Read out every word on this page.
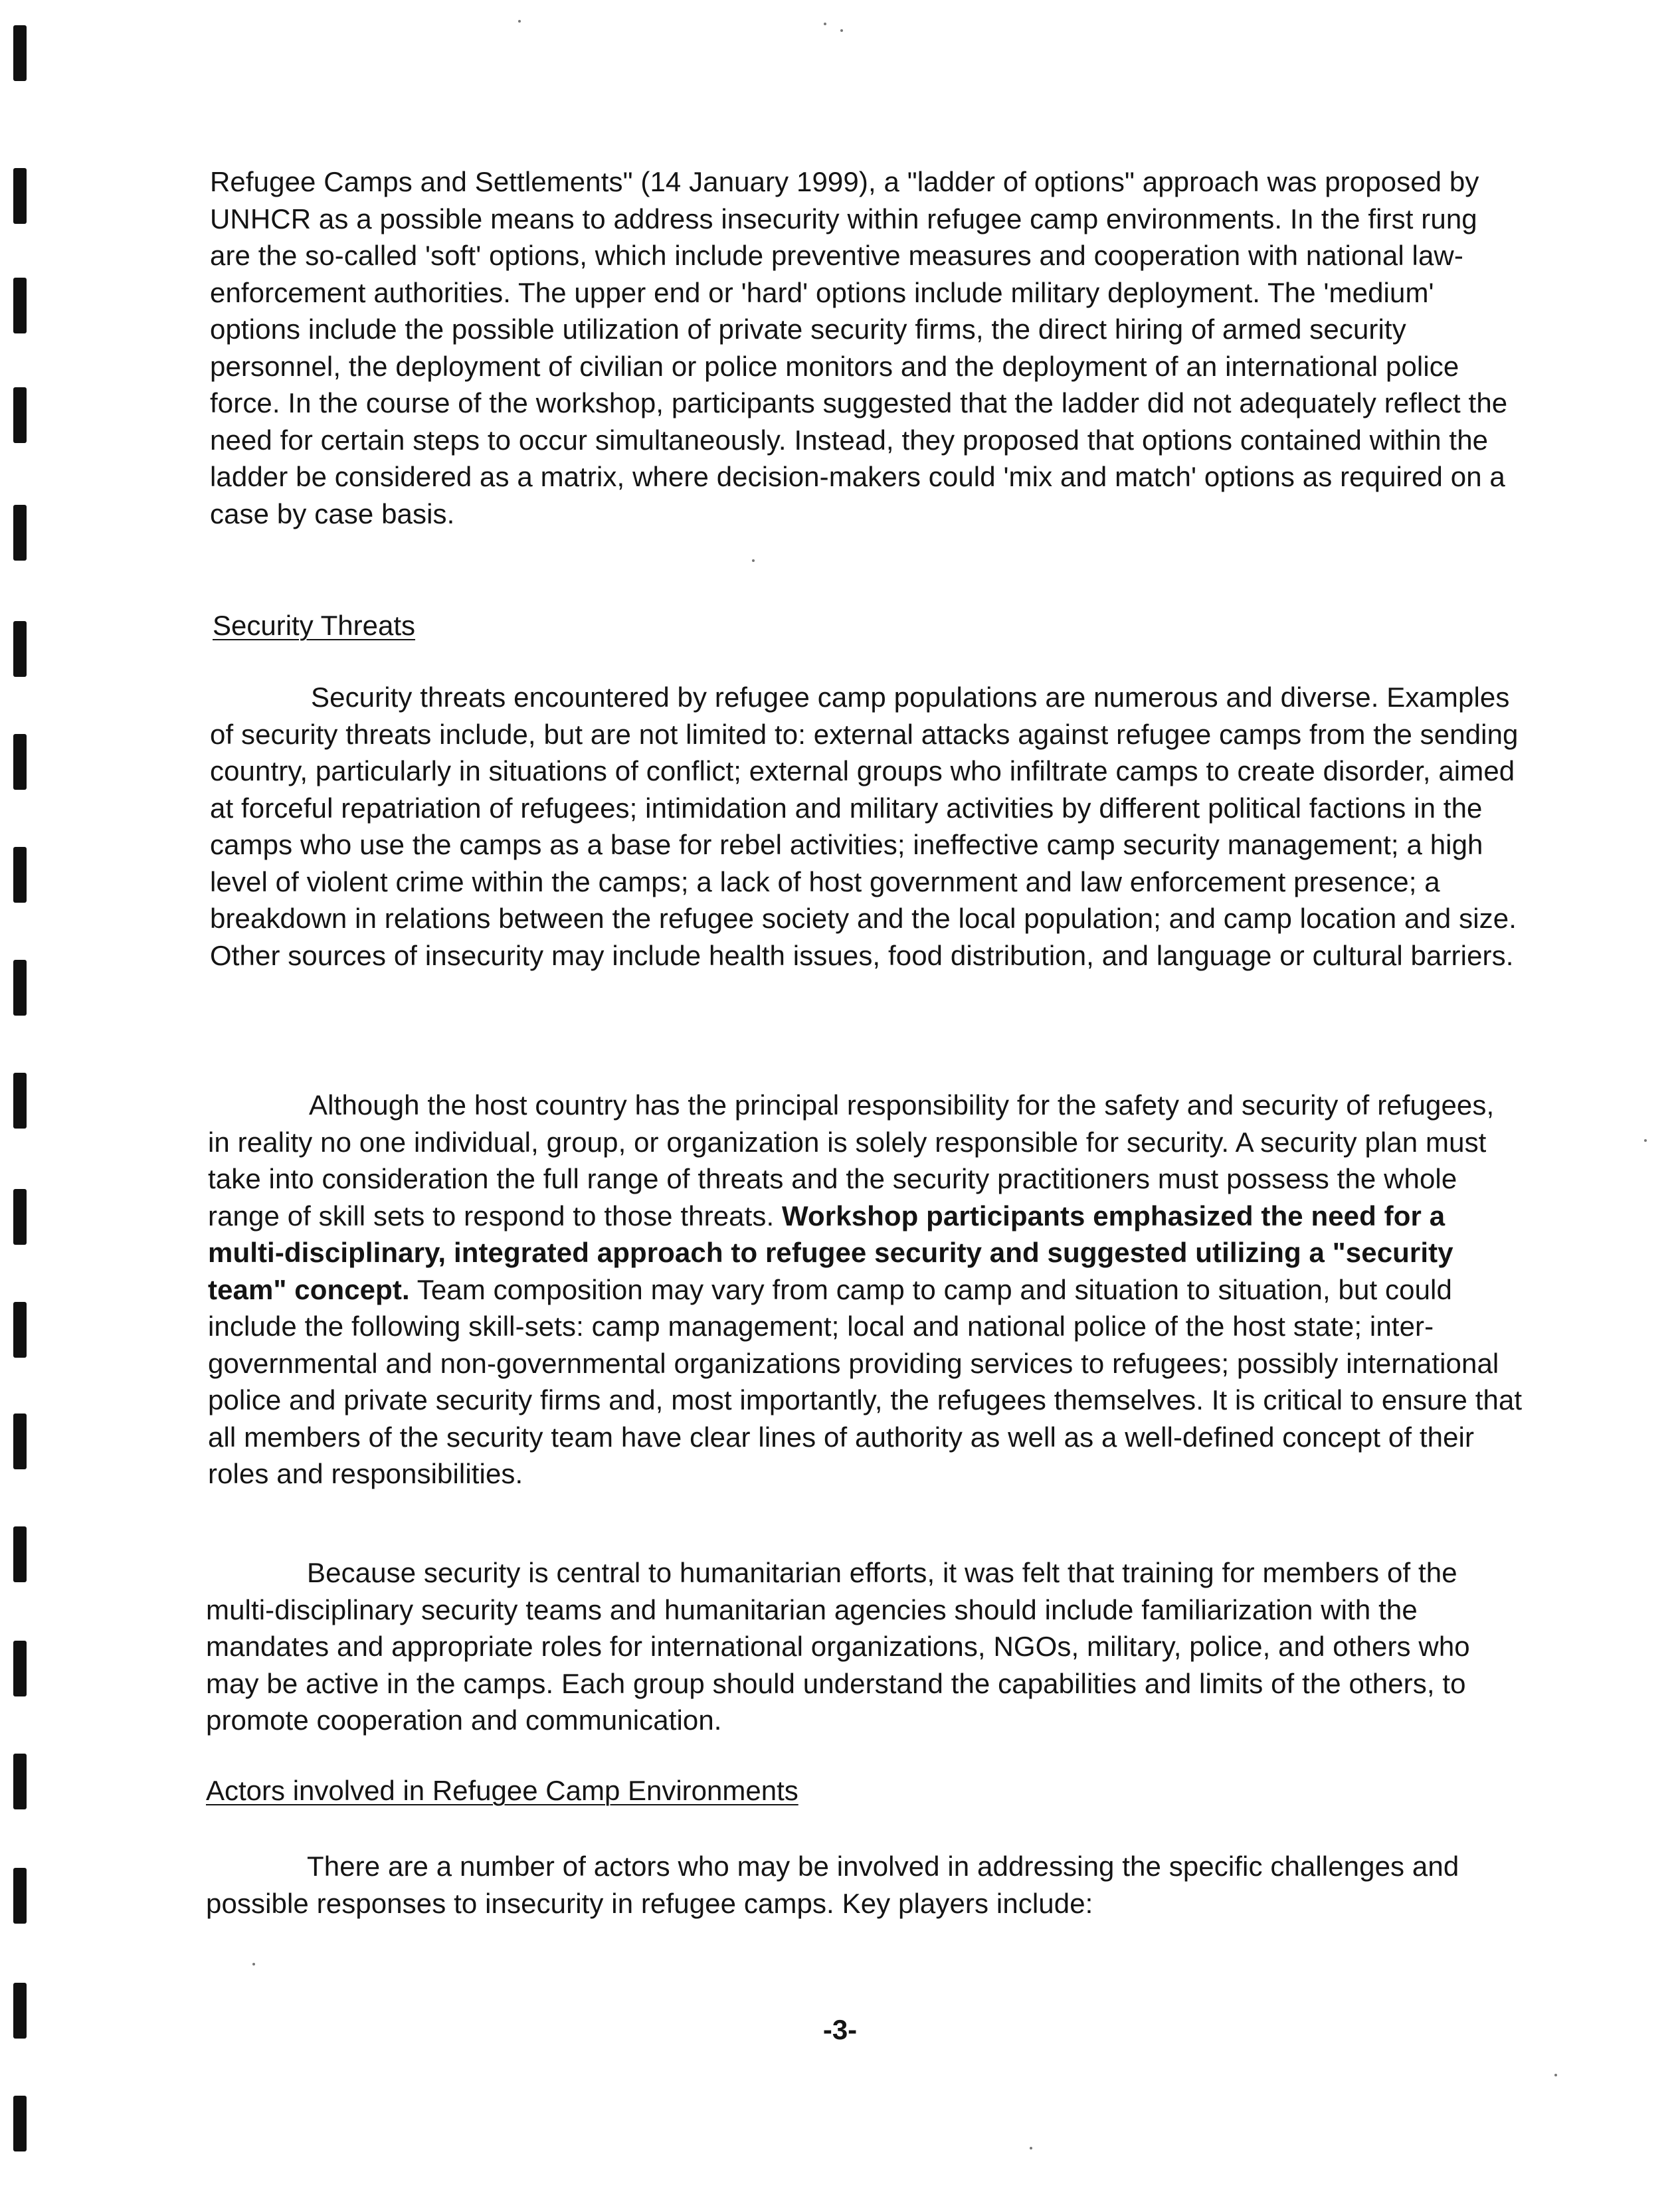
Refugee Camps and Settlements" (14 January 1999), a "ladder of options" approach was proposed by UNHCR as a possible means to address insecurity within refugee camp environments. In the first rung are the so-called 'soft' options, which include preventive measures and cooperation with national law-enforcement authorities. The upper end or 'hard' options include military deployment. The 'medium' options include the possible utilization of private security firms, the direct hiring of armed security personnel, the deployment of civilian or police monitors and the deployment of an international police force. In the course of the workshop, participants suggested that the ladder did not adequately reflect the need for certain steps to occur simultaneously. Instead, they proposed that options contained within the ladder be considered as a matrix, where decision-makers could 'mix and match' options as required on a case by case basis.

Security Threats

Security threats encountered by refugee camp populations are numerous and diverse. Examples of security threats include, but are not limited to: external attacks against refugee camps from the sending country, particularly in situations of conflict; external groups who infiltrate camps to create disorder, aimed at forceful repatriation of refugees; intimidation and military activities by different political factions in the camps who use the camps as a base for rebel activities; ineffective camp security management; a high level of violent crime within the camps; a lack of host government and law enforcement presence; a breakdown in relations between the refugee society and the local population; and camp location and size. Other sources of insecurity may include health issues, food distribution, and language or cultural barriers.

Although the host country has the principal responsibility for the safety and security of refugees, in reality no one individual, group, or organization is solely responsible for security. A security plan must take into consideration the full range of threats and the security practitioners must possess the whole range of skill sets to respond to those threats. Workshop participants emphasized the need for a multi-disciplinary, integrated approach to refugee security and suggested utilizing a "security team" concept. Team composition may vary from camp to camp and situation to situation, but could include the following skill-sets: camp management; local and national police of the host state; inter-governmental and non-governmental organizations providing services to refugees; possibly international police and private security firms and, most importantly, the refugees themselves. It is critical to ensure that all members of the security team have clear lines of authority as well as a well-defined concept of their roles and responsibilities.

Because security is central to humanitarian efforts, it was felt that training for members of the multi-disciplinary security teams and humanitarian agencies should include familiarization with the mandates and appropriate roles for international organizations, NGOs, military, police, and others who may be active in the camps. Each group should understand the capabilities and limits of the others, to promote cooperation and communication.

Actors involved in Refugee Camp Environments

There are a number of actors who may be involved in addressing the specific challenges and possible responses to insecurity in refugee camps. Key players include:

-3-
